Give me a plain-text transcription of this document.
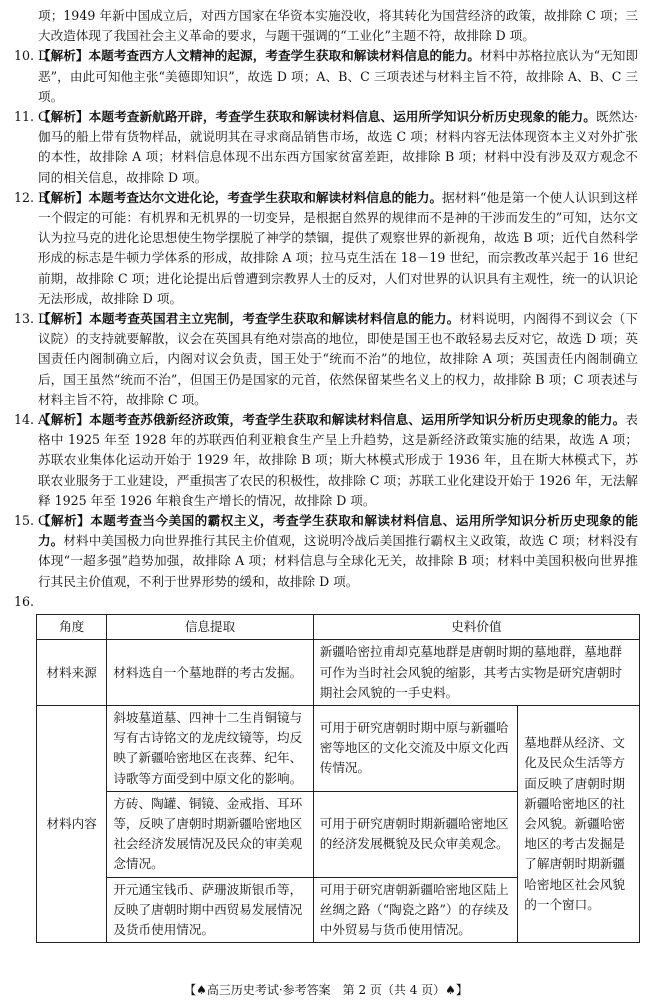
项；1949 年新中国成立后，对西方国家在华资本实施没收，将其转化为国营经济的政策，故排除 C 项；三大改造体现了我国社会主义革命的要求，与题干强调的“工业化”主题不符，故排除 D 项。

10. D
【解析】本题考查西方人文精神的起源，考查学生获取和解读材料信息的能力。材料中苏格拉底认为“无知即恶”，由此可知他主张“美德即知识”，故选 D 项；A、B、C 三项表述与材料主旨不符，故排除 A、B、C 三项。

11. C
【解析】本题考查新航路开辟，考查学生获取和解读材料信息、运用所学知识分析历史现象的能力。既然达·伽马的船上带有货物样品，就说明其在寻求商品销售市场，故选 C 项；材料内容无法体现资本主义对外扩张的本性，故排除 A 项；材料信息体现不出东西方国家贫富差距，故排除 B 项；材料中没有涉及双方观念不同的相关信息，故排除 D 项。

12. B
【解析】本题考查达尔文进化论，考查学生获取和解读材料信息的能力。据材料“他是第一个使人认识到这样一个假定的可能：有机界和无机界的一切变异，是根据自然界的规律而不是神的干涉而发生的”可知，达尔文认为拉马克的进化论思想使生物学摆脱了神学的禁锢，提供了观察世界的新视角，故选 B 项；近代自然科学形成的标志是牛顿力学体系的形成，故排除 A 项；拉马克生活在 18－19 世纪，而宗教改革兴起于 16 世纪前期，故排除 C 项；进化论提出后曾遭到宗教界人士的反对，人们对世界的认识具有主观性，统一的认识论无法形成，故排除 D 项。

13. D
【解析】本题考查英国君主立宪制，考查学生获取和解读材料信息的能力。材料说明，内阁得不到议会（下议院）的支持就要解散，议会在英国具有绝对崇高的地位，即使是国王也不敢轻易去反对它，故选 D 项；英国责任内阁制确立后，内阁对议会负责，国王处于“统而不治”的地位，故排除 A 项；英国责任内阁制确立后，国王虽然“统而不治”，但国王仍是国家的元首，依然保留某些名义上的权力，故排除 B 项；C 项表述与材料主旨不符，故排除 C 项。

14. A
【解析】本题考查苏俄新经济政策，考查学生获取和解读材料信息、运用所学知识分析历史现象的能力。表格中 1925 年至 1928 年的苏联西伯利亚粮食生产呈上升趋势，这是新经济政策实施的结果，故选 A 项；苏联农业集体化运动开始于 1929 年，故排除 B 项；斯大林模式形成于 1936 年，且在斯大林模式下，苏联农业服务于工业建设，严重损害了农民的积极性，故排除 C 项；苏联工业化建设开始于 1926 年，无法解释 1925 年至 1926 年粮食生产增长的情况，故排除 D 项。

15. C
【解析】本题考查当今美国的霸权主义，考查学生获取和解读材料信息、运用所学知识分析历史现象的能力。材料中美国极力向世界推行其民主价值观，这说明冷战后美国推行霸权主义政策，故选 C 项；材料没有体现“一超多强”趋势加强，故排除 A 项；材料信息与全球化无关，故排除 B 项；材料中美国积极向世界推行其民主价值观，不利于世界形势的缓和，故排除 D 项。

16.

角度	信息提取	史料价值	
材料来源	材料选自一个墓地群的考古发掘。	新疆哈密拉甫却克墓地群是唐朝时期的墓地群，墓地群可作为当时社会风貌的缩影，其考古实物是研究唐朝时期社会风貌的一手史料。	
材料内容	斜坡墓道墓、四神十二生肖铜镜与写有古诗铭文的龙虎纹镜等，均反映了新疆哈密地区在丧葬、纪年、诗歌等方面受到中原文化的影响。	可用于研究唐朝时期中原与新疆哈密等地区的文化交流及中原文化西传情况。	墓地群从经济、文化及民众生活等方面反映了唐朝时期新疆哈密地区的社会风貌。新疆哈密地区的考古发掘是了解唐朝时期新疆哈密地区社会风貌的一个窗口。
	方砖、陶罐、铜镜、金戒指、耳环等，反映了唐朝时期新疆哈密地区社会经济发展情况及民众的审美观念情况。	可用于研究唐朝时期新疆哈密地区的经济发展概貌及民众审美观念。	
	开元通宝钱币、萨珊波斯银币等，反映了唐朝时期中西贸易发展情况及货币使用情况。	可用于研究唐朝新疆哈密地区陆上丝绸之路（“陶瓷之路”）的存续及中外贸易与货币使用情况。	
【♠高三历史考试·参考答案　第 2 页（共 4 页）♠】
